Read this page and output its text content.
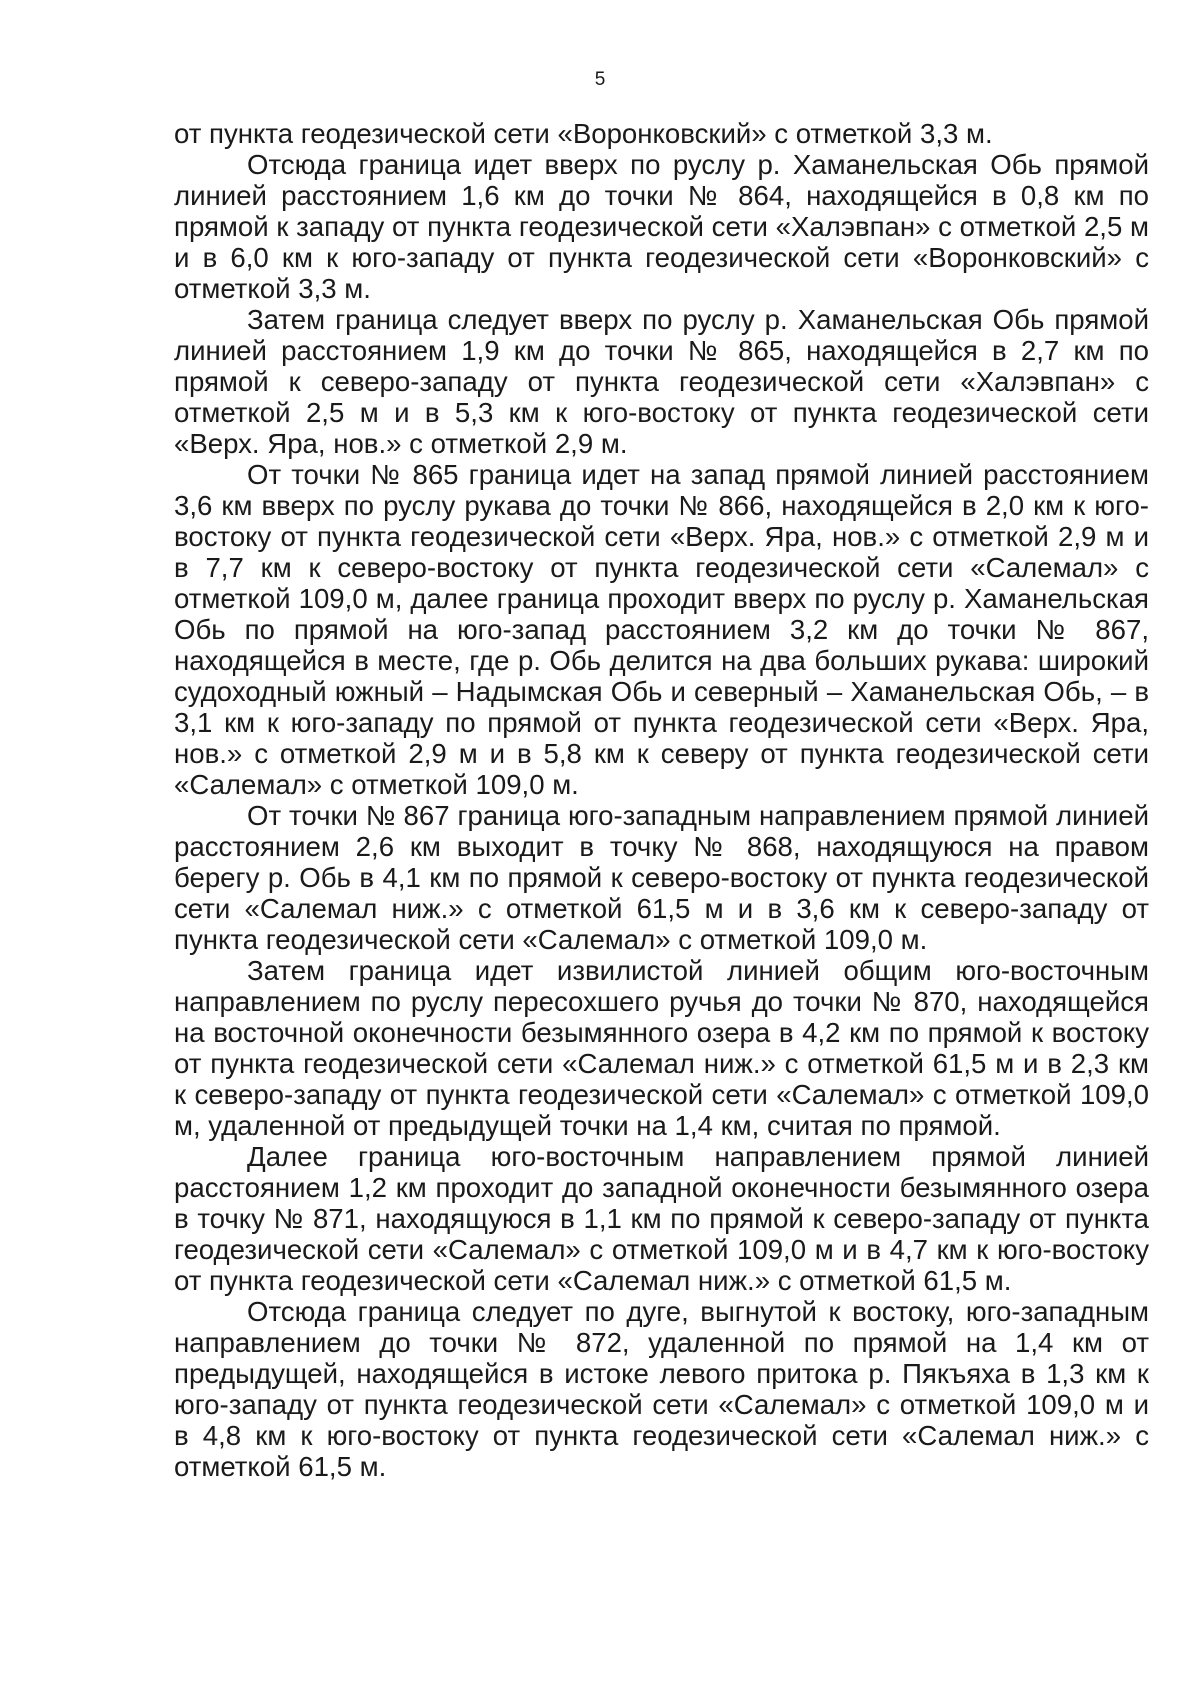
5

от пункта геодезической сети «Воронковский» с отметкой 3,3 м.

Отсюда граница идет вверх по руслу р. Хаманельская Обь прямой линией расстоянием 1,6 км до точки № 864, находящейся в 0,8 км по прямой к западу от пункта геодезической сети «Халэвпан» с отметкой 2,5 м и в 6,0 км к юго-западу от пункта геодезической сети «Воронковский» с отметкой 3,3 м.

Затем граница следует вверх по руслу р. Хаманельская Обь прямой линией расстоянием 1,9 км до точки № 865, находящейся в 2,7 км по прямой к северо-западу от пункта геодезической сети «Халэвпан» с отметкой 2,5 м и в 5,3 км к юго-востоку от пункта геодезической сети «Верх. Яра, нов.» с отметкой 2,9 м.

От точки № 865 граница идет на запад прямой линией расстоянием 3,6 км вверх по руслу рукава до точки № 866, находящейся в 2,0 км к юго-востоку от пункта геодезической сети «Верх. Яра, нов.» с отметкой 2,9 м и в 7,7 км к северо-востоку от пункта геодезической сети «Салемал» с отметкой 109,0 м, далее граница проходит вверх по руслу р. Хаманельская Обь по прямой на юго-запад расстоянием 3,2 км до точки № 867, находящейся в месте, где р. Обь делится на два больших рукава: широкий судоходный южный – Надымская Обь и северный – Хаманельская Обь, – в 3,1 км к юго-западу по прямой от пункта геодезической сети «Верх. Яра, нов.» с отметкой 2,9 м и в 5,8 км к северу от пункта геодезической сети «Салемал» с отметкой 109,0 м.

От точки № 867 граница юго-западным направлением прямой линией расстоянием 2,6 км выходит в точку № 868, находящуюся на правом берегу р. Обь в 4,1 км по прямой к северо-востоку от пункта геодезической сети «Салемал ниж.» с отметкой 61,5 м и в 3,6 км к северо-западу от пункта геодезической сети «Салемал» с отметкой 109,0 м.

Затем граница идет извилистой линией общим юго-восточным направлением по руслу пересохшего ручья до точки № 870, находящейся на восточной оконечности безымянного озера в 4,2 км по прямой к востоку от пункта геодезической сети «Салемал ниж.» с отметкой 61,5 м и в 2,3 км к северо-западу от пункта геодезической сети «Салемал» с отметкой 109,0 м, удаленной от предыдущей точки на 1,4 км, считая по прямой.

Далее граница юго-восточным направлением прямой линией расстоянием 1,2 км проходит до западной оконечности безымянного озера в точку № 871, находящуюся в 1,1 км по прямой к северо-западу от пункта геодезической сети «Салемал» с отметкой 109,0 м и в 4,7 км к юго-востоку от пункта геодезической сети «Салемал ниж.» с отметкой 61,5 м.

Отсюда граница следует по дуге, выгнутой к востоку, юго-западным направлением до точки № 872, удаленной по прямой на 1,4 км от предыдущей, находящейся в истоке левого притока р. Пякъяха в 1,3 км к юго-западу от пункта геодезической сети «Салемал» с отметкой 109,0 м и в 4,8 км к юго-востоку от пункта геодезической сети «Салемал ниж.» с отметкой 61,5 м.
